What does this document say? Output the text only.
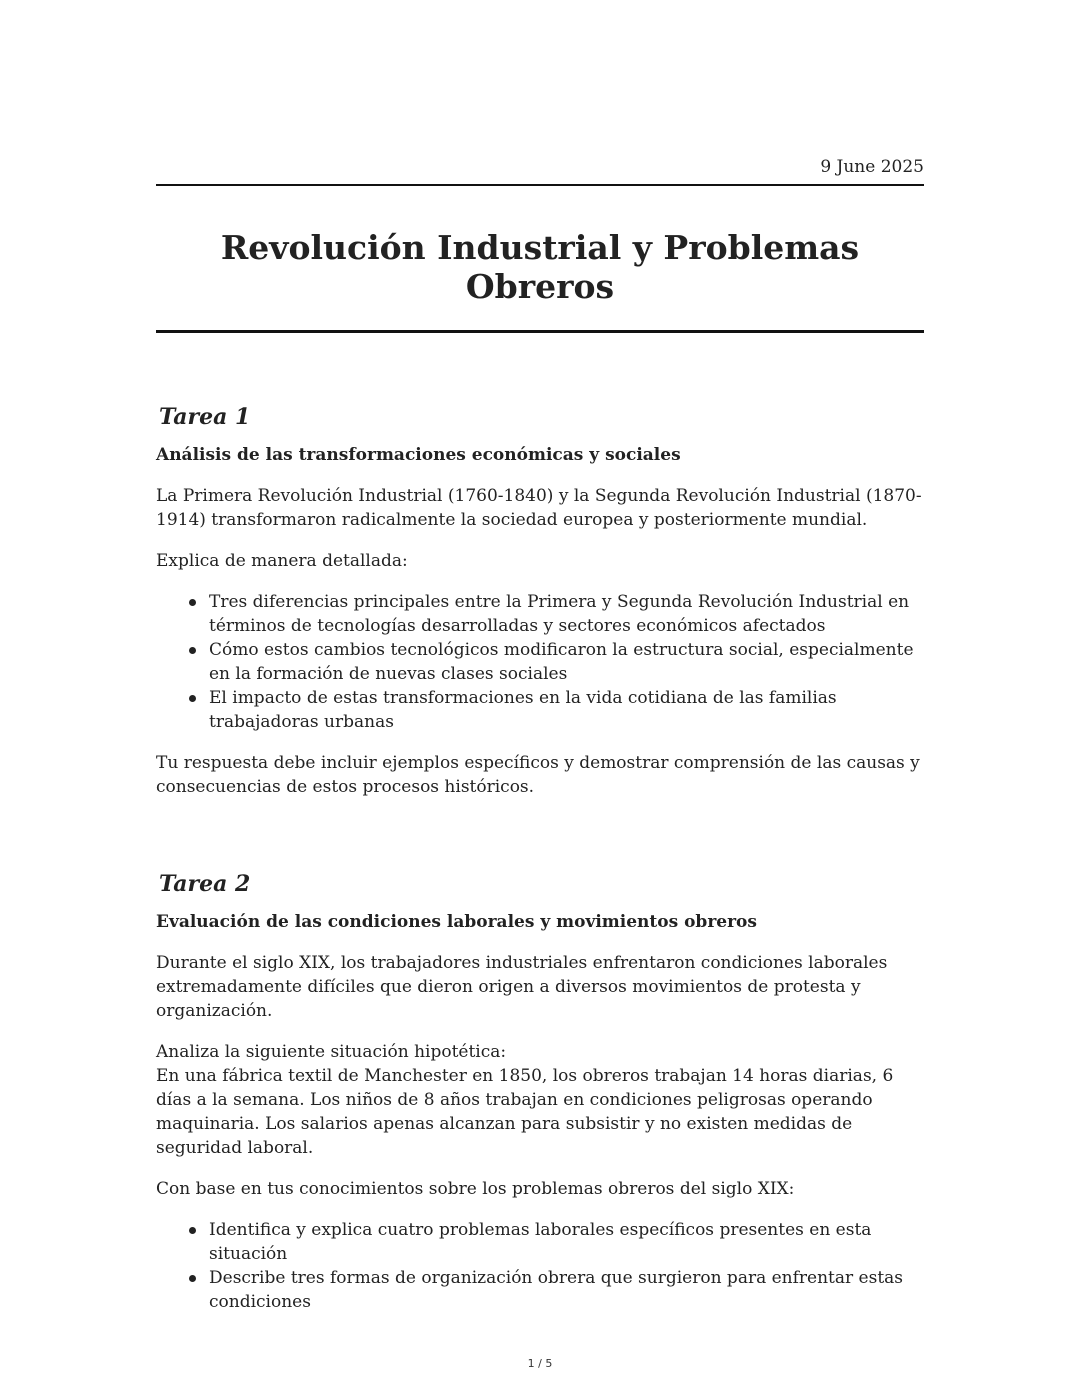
9 June 2025
Revolución Industrial y Problemas Obreros
Tarea 1

Análisis de las transformaciones económicas y sociales

La Primera Revolución Industrial (1760-1840) y la Segunda Revolución Industrial (1870-
1914) transformaron radicalmente la sociedad europea y posteriormente mundial.

Explica de manera detallada:

Tres diferencias principales entre la Primera y Segunda Revolución Industrial en términos de tecnologías desarrolladas y sectores económicos afectados
Cómo estos cambios tecnológicos modificaron la estructura social, especialmente en la formación de nuevas clases sociales
El impacto de estas transformaciones en la vida cotidiana de las familias trabajadoras urbanas

Tu respuesta debe incluir ejemplos específicos y demostrar comprensión de las causas y consecuencias de estos procesos históricos.

Tarea 2

Evaluación de las condiciones laborales y movimientos obreros

Durante el siglo XIX, los trabajadores industriales enfrentaron condiciones laborales extremadamente difíciles que dieron origen a diversos movimientos de protesta y organización.

Analiza la siguiente situación hipotética:
En una fábrica textil de Manchester en 1850, los obreros trabajan 14 horas diarias, 6 días a la semana. Los niños de 8 años trabajan en condiciones peligrosas operando maquinaria. Los salarios apenas alcanzan para subsistir y no existen medidas de seguridad laboral.

Con base en tus conocimientos sobre los problemas obreros del siglo XIX:

Identifica y explica cuatro problemas laborales específicos presentes en esta situación
Describe tres formas de organización obrera que surgieron para enfrentar estas condiciones
1 / 5
